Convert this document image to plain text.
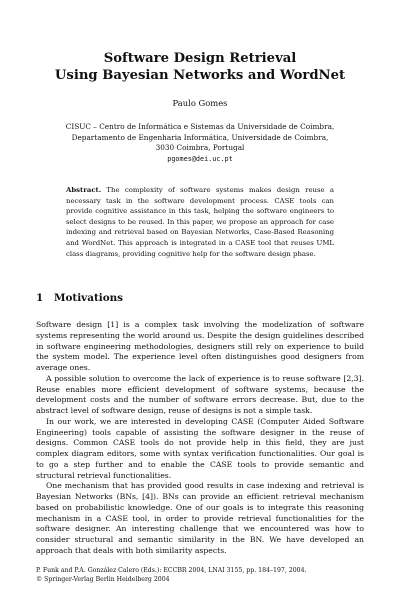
Software Design Retrieval
Using Bayesian Networks and WordNet
Paulo Gomes
CISUC – Centro de Informática e Sistemas da Universidade de Coimbra,
Departamento de Engenharia Informática, Universidade de Coimbra,
3030 Coimbra, Portugal
pgomes@dei.uc.pt
Abstract. The complexity of software systems makes design reuse a necessary task in the software development process. CASE tools can provide cognitive assistance in this task, helping the software engineers to select designs to be reused. In this paper, we propose an approach for case indexing and retrieval based on Bayesian Networks, Case-Based Reasoning and WordNet. This approach is integrated in a CASE tool that reuses UML class diagrams, providing cognitive help for the software design phase.
1 Motivations

Software design [1] is a complex task involving the modelization of software systems representing the world around us. Despite the design guidelines described in software engineering methodologies, designers still rely on experience to build the system model. The experience level often distinguishes good designers from average ones.

A possible solution to overcome the lack of experience is to reuse software [2,3]. Reuse enables more efficient development of software systems, because the development costs and the number of software errors decrease. But, due to the abstract level of software design, reuse of designs is not a simple task.

In our work, we are interested in developing CASE (Computer Aided Software Engineering) tools capable of assisting the software designer in the reuse of designs. Common CASE tools do not provide help in this field, they are just complex diagram editors, some with syntax verification functionalities. Our goal is to go a step further and to enable the CASE tools to provide semantic and structural retrieval functionalities.

One mechanism that has provided good results in case indexing and retrieval is Bayesian Networks (BNs, [4]). BNs can provide an efficient retrieval mechanism based on probabilistic knowledge. One of our goals is to integrate this reasoning mechanism in a CASE tool, in order to provide retrieval functionalities for the software designer. An interesting challenge that we encountered was how to consider structural and semantic similarity in the BN. We have developed an approach that deals with both similarity aspects.

P. Funk and P.A. González Calero (Eds.): ECCBR 2004, LNAI 3155, pp. 184–197, 2004.
© Springer-Verlag Berlin Heidelberg 2004
